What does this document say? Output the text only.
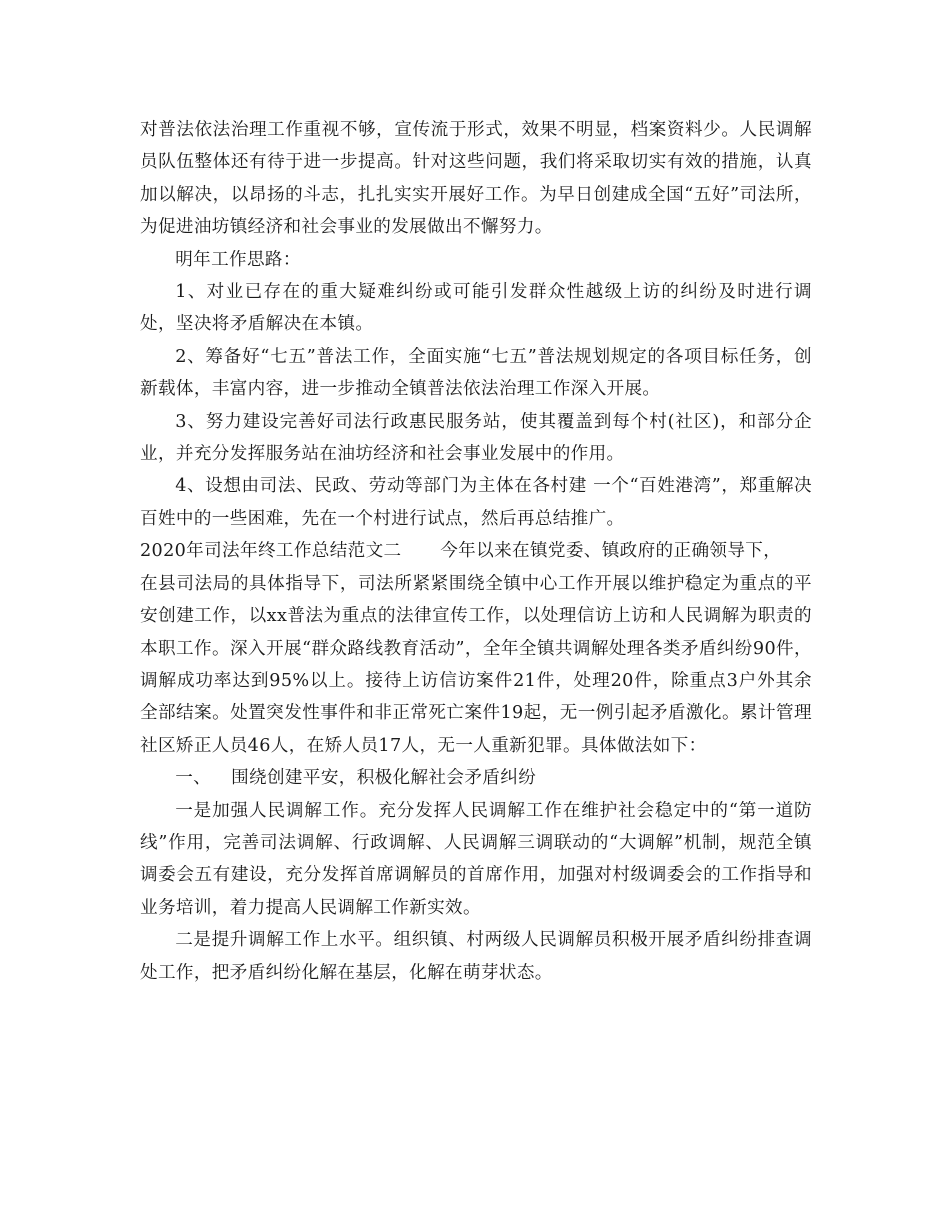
对普法依法治理工作重视不够，宣传流于形式，效果不明显，档案资料少。人民调解员队伍整体还有待于进一步提高。针对这些问题，我们将采取切实有效的措施，认真加以解决，以昂扬的斗志，扎扎实实开展好工作。为早日创建成全国“五好”司法所，为促进油坊镇经济和社会事业的发展做出不懈努力。

明年工作思路：

1、对业已存在的重大疑难纠纷或可能引发群众性越级上访的纠纷及时进行调处，坚决将矛盾解决在本镇。

2、筹备好“七五”普法工作，全面实施“七五”普法规划规定的各项目标任务，创新载体，丰富内容，进一步推动全镇普法依法治理工作深入开展。

3、努力建设完善好司法行政惠民服务站，使其覆盖到每个村(社区)，和部分企业，并充分发挥服务站在油坊经济和社会事业发展中的作用。

4、设想由司法、民政、劳动等部门为主体在各村建 一个“百姓港湾”，郑重解决百姓中的一些困难，先在一个村进行试点，然后再总结推广。

2020年司法年终工作总结范文二 今年以来在镇党委、镇政府的正确领导下，

在县司法局的具体指导下，司法所紧紧围绕全镇中心工作开展以维护稳定为重点的平安创建工作，以xx普法为重点的法律宣传工作，以处理信访上访和人民调解为职责的本职工作。深入开展“群众路线教育活动”，全年全镇共调解处理各类矛盾纠纷90件，调解成功率达到95%以上。接待上访信访案件21件，处理20件，除重点3户外其余全部结案。处置突发性事件和非正常死亡案件19起，无一例引起矛盾激化。累计管理社区矫正人员46人，在矫人员17人，无一人重新犯罪。具体做法如下：

一、 围绕创建平安，积极化解社会矛盾纠纷

一是加强人民调解工作。充分发挥人民调解工作在维护社会稳定中的“第一道防线”作用，完善司法调解、行政调解、人民调解三调联动的“大调解”机制，规范全镇调委会五有建设，充分发挥首席调解员的首席作用，加强对村级调委会的工作指导和业务培训，着力提高人民调解工作新实效。

二是提升调解工作上水平。组织镇、村两级人民调解员积极开展矛盾纠纷排查调处工作，把矛盾纠纷化解在基层，化解在萌芽状态。
